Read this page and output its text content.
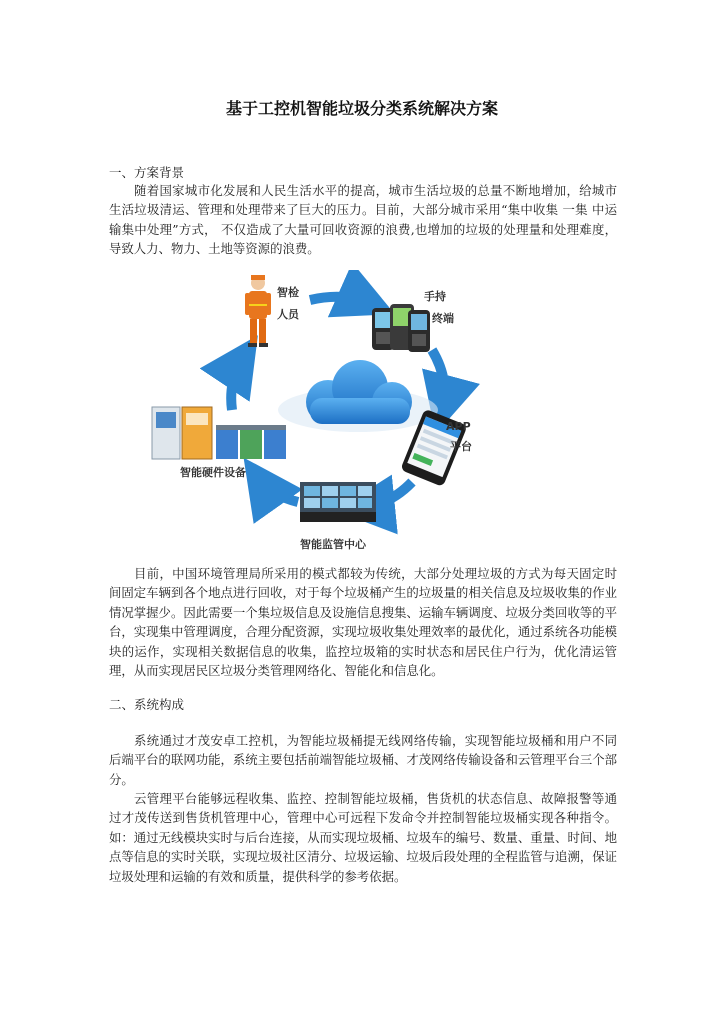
基于工控机智能垃圾分类系统解决方案

一、方案背景

随着国家城市化发展和人民生活水平的提高，城市生活垃圾的总量不断地增加，给城市生活垃圾清运、管理和处理带来了巨大的压力。目前，大部分城市采用“集中收集 一集 中运输集中处理”方式， 不仅造成了大量可回收资源的浪费,也增加的垃圾的处理量和处理难度，导致人力、物力、土地等资源的浪费。

智检
人员
手持
终端
APP
平台
智能监管中心
智能硬件设备

目前，中国环境管理局所采用的模式都较为传统，大部分处理垃圾的方式为每天固定时间固定车辆到各个地点进行回收，对于每个垃圾桶产生的垃圾量的相关信息及垃圾收集的作业情况掌握少。因此需要一个集垃圾信息及设施信息搜集、运输车辆调度、垃圾分类回收等的平台，实现集中管理调度，合理分配资源，实现垃圾收集处理效率的最优化，通过系统各功能模块的运作，实现相关数据信息的收集，监控垃圾箱的实时状态和居民住户行为，优化清运管理，从而实现居民区垃圾分类管理网络化、智能化和信息化。

二、系统构成

系统通过才茂安卓工控机，为智能垃圾桶提无线网络传输，实现智能垃圾桶和用户不同后端平台的联网功能，系统主要包括前端智能垃圾桶、才茂网络传输设备和云管理平台三个部分。

云管理平台能够远程收集、监控、控制智能垃圾桶，售货机的状态信息、故障报警等通过才茂传送到售货机管理中心，管理中心可远程下发命令并控制智能垃圾桶实现各种指令。如：通过无线模块实时与后台连接，从而实现垃圾桶、垃圾车的编号、数量、重量、时间、地点等信息的实时关联，实现垃圾社区清分、垃圾运输、垃圾后段处理的全程监管与追溯，保证垃圾处理和运输的有效和质量，提供科学的参考依据。
